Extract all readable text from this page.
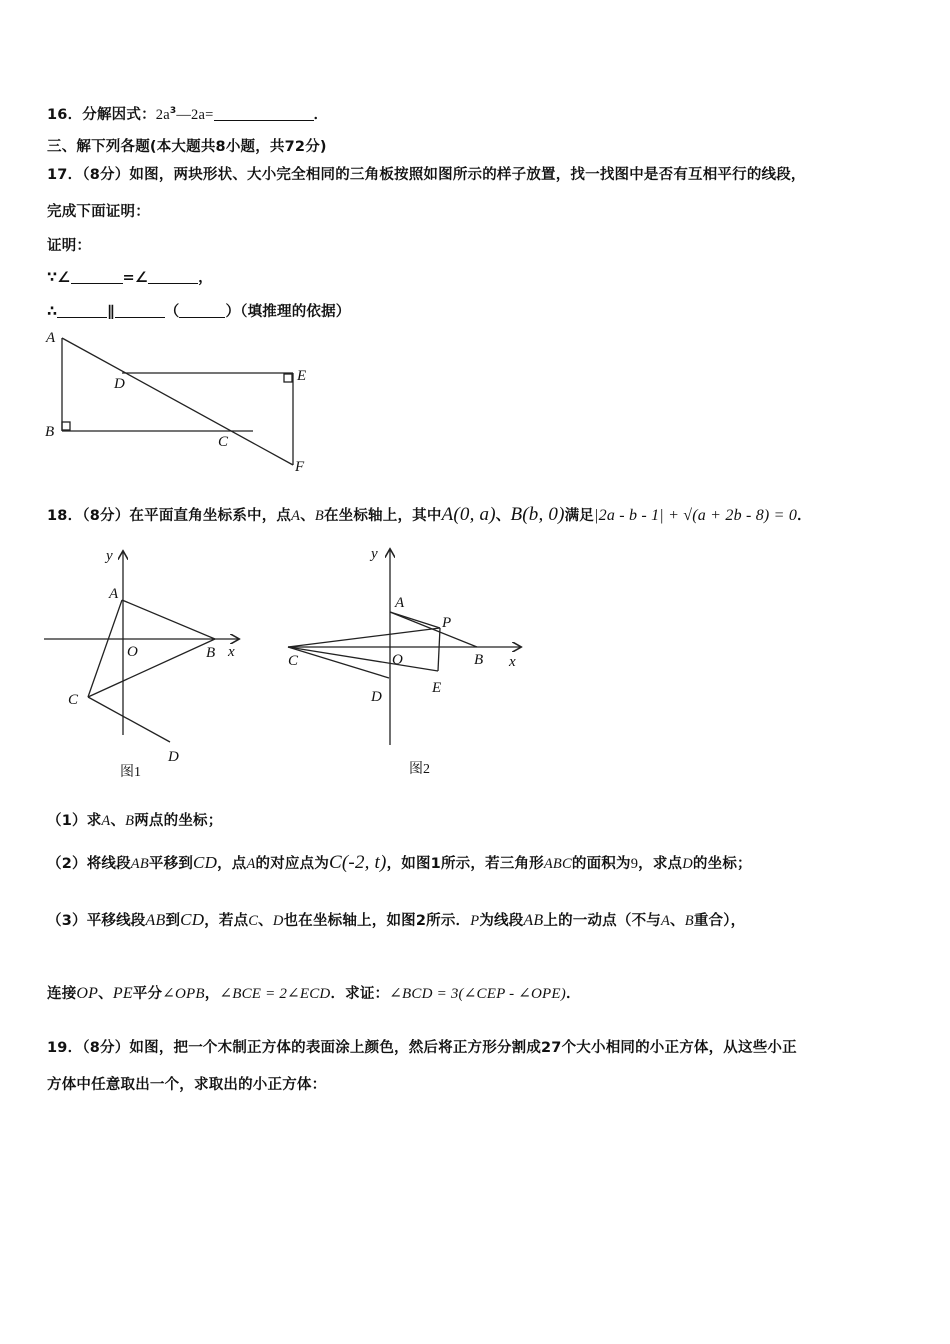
16．分解因式：$2a^3—2a=$	．
三、解下列各题(本大题共8小题，共72分)
17．（8分）如图，两块形状、大小完全相同的三角板按照如图所示的样子放置，找一找图中是否有互相平行的线段，
完成下面证明：
证明：
∵∠	=∠	，
∴	∥	（	）（填推理的依据）
A
D	E
B
C
F
18．（8分）在平面直角坐标系中，点A、B在坐标轴上，其中A(0, a)、B(b, 0)满足|2a - b - 1| + √(a + 2b - 8) = 0．
y
x
A
O	B
C
D
图1
y
x
A
P
C	O	B
D
E
图2
（1）求A、B两点的坐标；
（2）将线段AB平移到CD，点A的对应点为C(-2, t)，如图1所示，若三角形ABC的面积为9，求点D的坐标；
（3）平移线段AB到CD，若点C、D也在坐标轴上，如图2所示．P为线段AB上的一动点（不与A、B重合），
连接OP、PE平分∠OPB，∠BCE = 2∠ECD．求证：∠BCD = 3(∠CEP - ∠OPE)．
19．（8分）如图，把一个木制正方体的表面涂上颜色，然后将正方形分割成27个大小相同的小正方体，从这些小正
方体中任意取出一个，求取出的小正方体：
